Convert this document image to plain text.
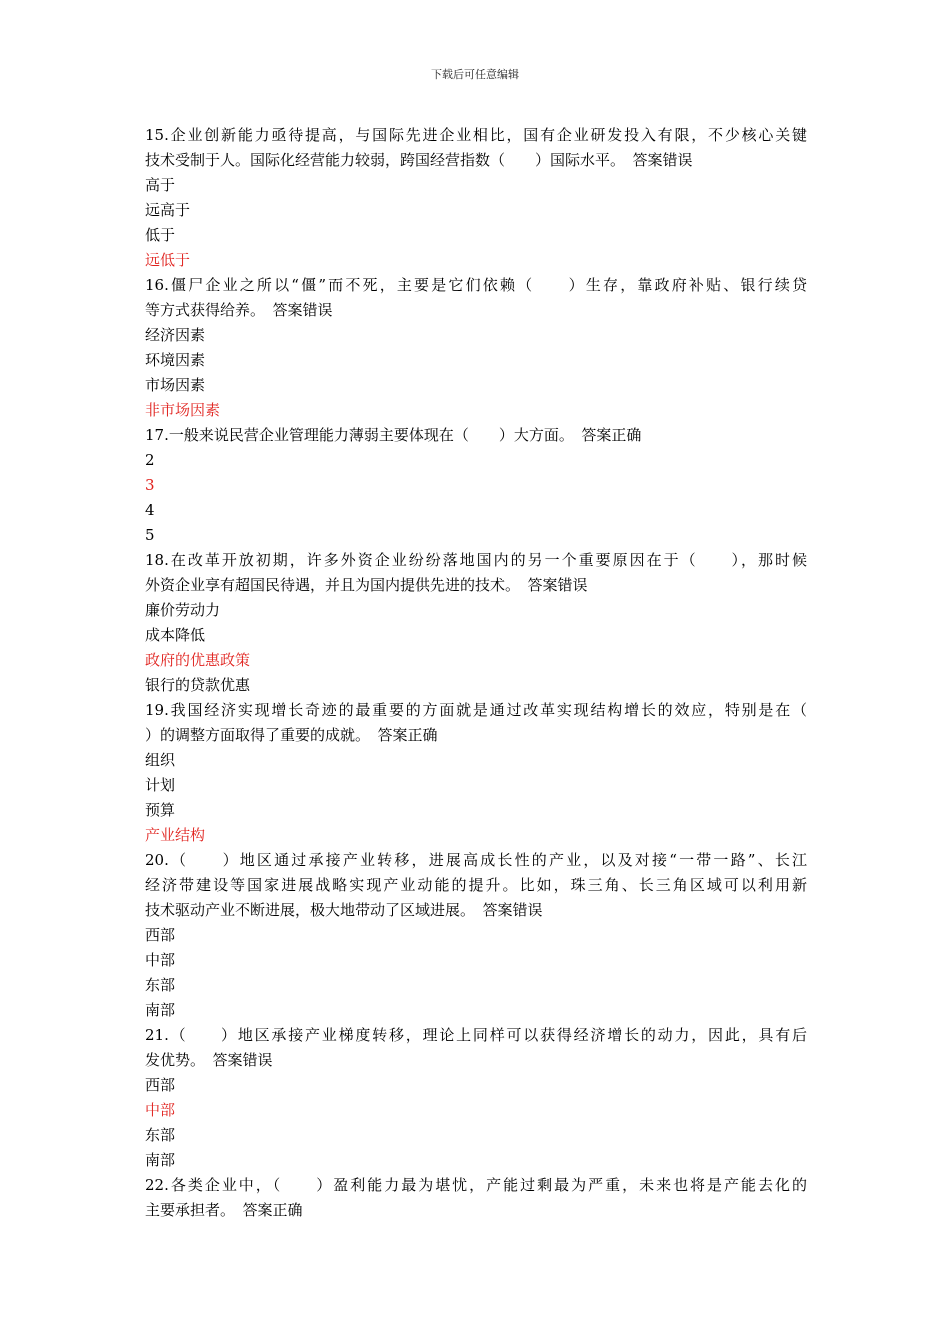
下载后可任意编辑
15.企业创新能力亟待提高，与国际先进企业相比，国有企业研发投入有限，不少核心关键
技术受制于人。国际化经营能力较弱，跨国经营指数（　　）国际水平。　答案错误
高于
远高于
低于
远低于
16.僵尸企业之所以“僵”而不死，主要是它们依赖（　　）生存，靠政府补贴、银行续贷
等方式获得给养。　答案错误
经济因素
环境因素
市场因素
非市场因素
17.一般来说民营企业管理能力薄弱主要体现在（　　）大方面。　答案正确
2
3
4
5
18.在改革开放初期，许多外资企业纷纷落地国内的另一个重要原因在于（　　），那时候
外资企业享有超国民待遇，并且为国内提供先进的技术。　答案错误
廉价劳动力
成本降低
政府的优惠政策
银行的贷款优惠
19.我国经济实现增长奇迹的最重要的方面就是通过改革实现结构增长的效应，特别是在（
）的调整方面取得了重要的成就。　答案正确
组织
计划
预算
产业结构
20.（　　）地区通过承接产业转移，进展高成长性的产业，以及对接“一带一路”、长江
经济带建设等国家进展战略实现产业动能的提升。比如，珠三角、长三角区域可以利用新
技术驱动产业不断进展，极大地带动了区域进展。　答案错误
西部
中部
东部
南部
21.（　　）地区承接产业梯度转移，理论上同样可以获得经济增长的动力，因此，具有后
发优势。　答案错误
西部
中部
东部
南部
22.各类企业中，（　　）盈利能力最为堪忧，产能过剩最为严重，未来也将是产能去化的
主要承担者。　答案正确
